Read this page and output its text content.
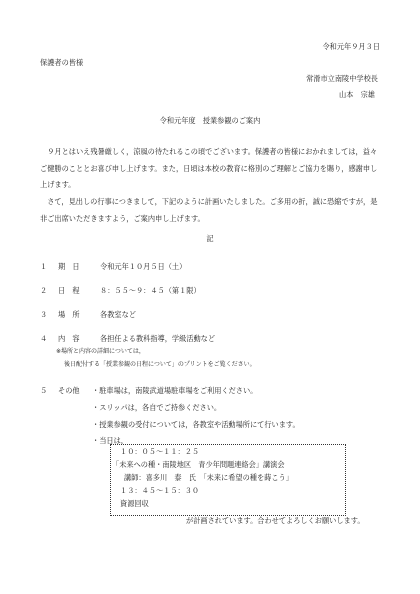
令和元年９月３日
保護者の皆様
常滑市立南陵中学校長
山本　宗雄
令和元年度　授業参観のご案内
９月とはいえ残暑厳しく，涼風の待たれるこの頃でございます。保護者の皆様におかれましては，益々ご健勝のこととお喜び申し上げます。また，日頃は本校の教育に格別のご理解とご協力を賜り，感謝申し上げます。
さて，見出しの行事につきまして，下記のように計画いたしました。ご多用の折，誠に恐縮ですが，是非ご出席いただきますよう，ご案内申し上げます。
記
１ 期　日	令和元年１０月５日（土）
２ 日　程	８：５５～９：４５（第１限）
３ 場　所	各教室など
４ 内　容	各担任よる教科指導，学級活動など
※場所と内容の詳細については，
後日配付する「授業参観の日程について」のプリントをご覧ください。
５ その他 ・駐車場は，南陵武道場駐車場をご利用ください。
・スリッパは，各自でご持参ください。
・授業参観の受付については，各教室や活動場所にて行います。
・当日は，
１０：０５～１１：２５
「未来への種・南陵地区　青少年問題連絡会」講演会
講師：喜多川　泰　氏　「未来に希望の種を蒔こう」
１３：４５～１５：３０
資源回収
が計画されています。合わせてよろしくお願いします。
